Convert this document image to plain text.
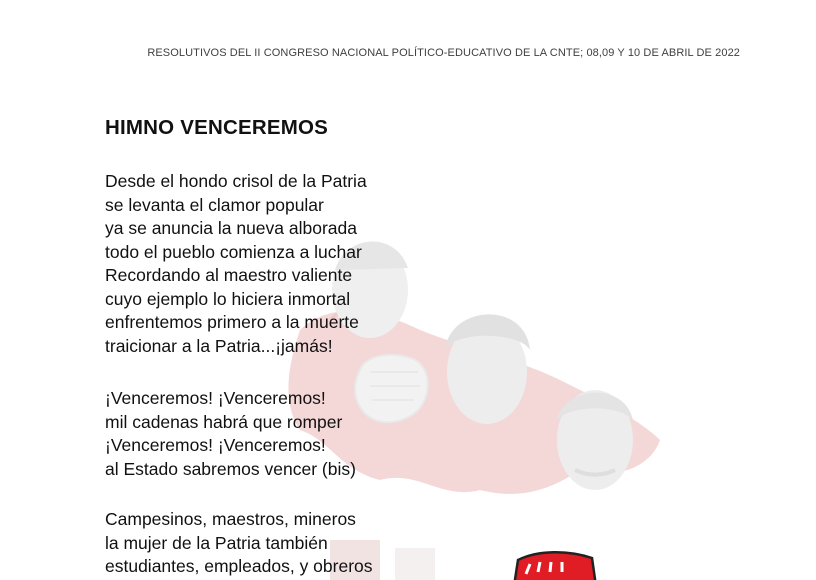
RESOLUTIVOS DEL II CONGRESO NACIONAL POLÍTICO-EDUCATIVO DE LA CNTE; 08,09 Y 10 DE ABRIL DE 2022
HIMNO VENCEREMOS
Desde el hondo crisol de la Patria
se levanta el clamor popular
ya se anuncia la nueva alborada
todo el pueblo comienza a luchar
Recordando al maestro valiente
cuyo ejemplo lo hiciera inmortal
enfrentemos primero a la muerte
traicionar a la Patria...¡jamás!
¡Venceremos! ¡Venceremos!
mil cadenas habrá que romper
¡Venceremos! ¡Venceremos!
al Estado sabremos vencer (bis)
Campesinos, maestros, mineros
la mujer de la Patria también
estudiantes, empleados, y obreros
